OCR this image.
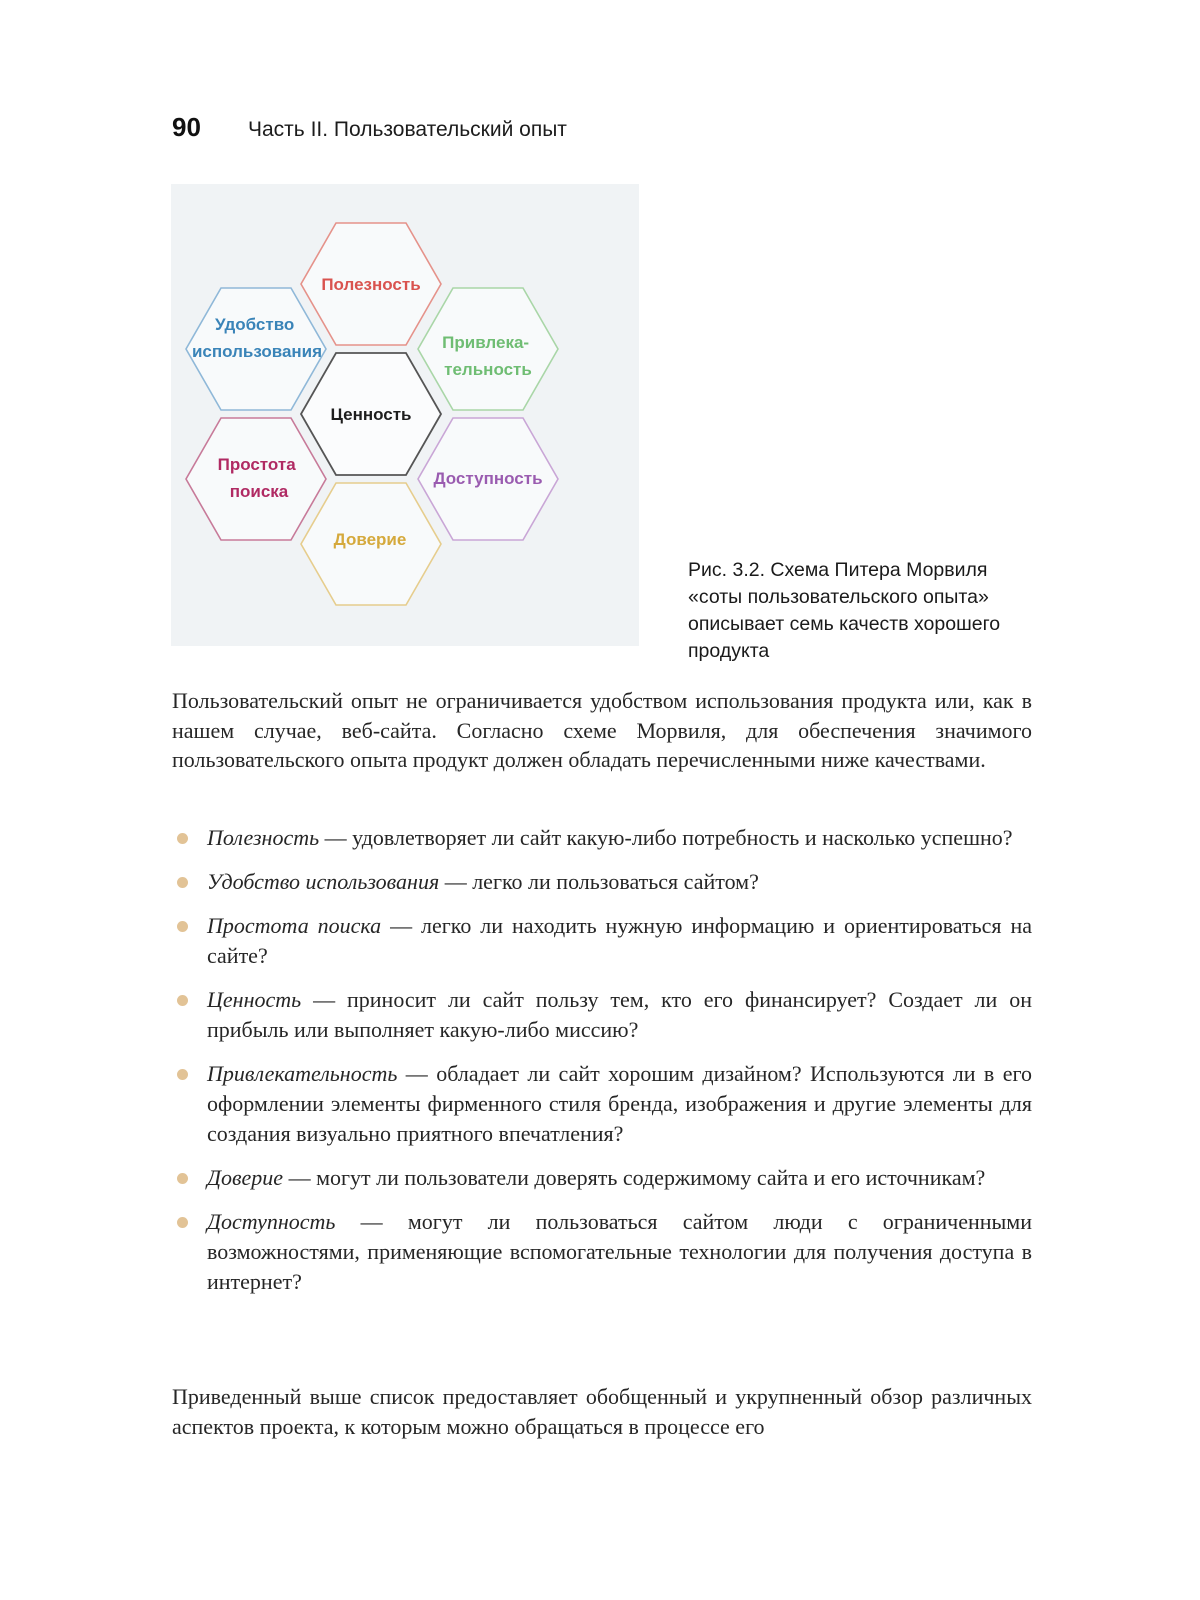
90	Часть II. Пользовательский опыт
Полезность
Удобство использования	Привлека- тельность
Ценность
Простота поиска
Доступность
Доверие

Рис. 3.2. Схема Питера Морвиля «соты пользовательского опыта» описывает семь качеств хорошего продукта

Пользовательский опыт не ограничивается удобством использования продукта или, как в нашем случае, веб-сайта. Согласно схеме Морвиля, для обеспечения значимого пользовательского опыта продукт должен обладать перечисленными ниже качествами.

Полезность — удовлетворяет ли сайт какую-либо потребность и насколько успешно?
Удобство использования — легко ли пользоваться сайтом?
Простота поиска — легко ли находить нужную информацию и ориентироваться на сайте?
Ценность — приносит ли сайт пользу тем, кто его финансирует? Создает ли он прибыль или выполняет какую-либо миссию?
Привлекательность — обладает ли сайт хорошим дизайном? Используются ли в его оформлении элементы фирменного стиля бренда, изображения и другие элементы для создания визуально приятного впечатления?
Доверие — могут ли пользователи доверять содержимому сайта и его источникам?
Доступность — могут ли пользоваться сайтом люди с ограниченными возможностями, применяющие вспомогательные технологии для получения доступа в интернет?

Приведенный выше список предоставляет обобщенный и укрупненный обзор различных аспектов проекта, к которым можно обращаться в процессе его
